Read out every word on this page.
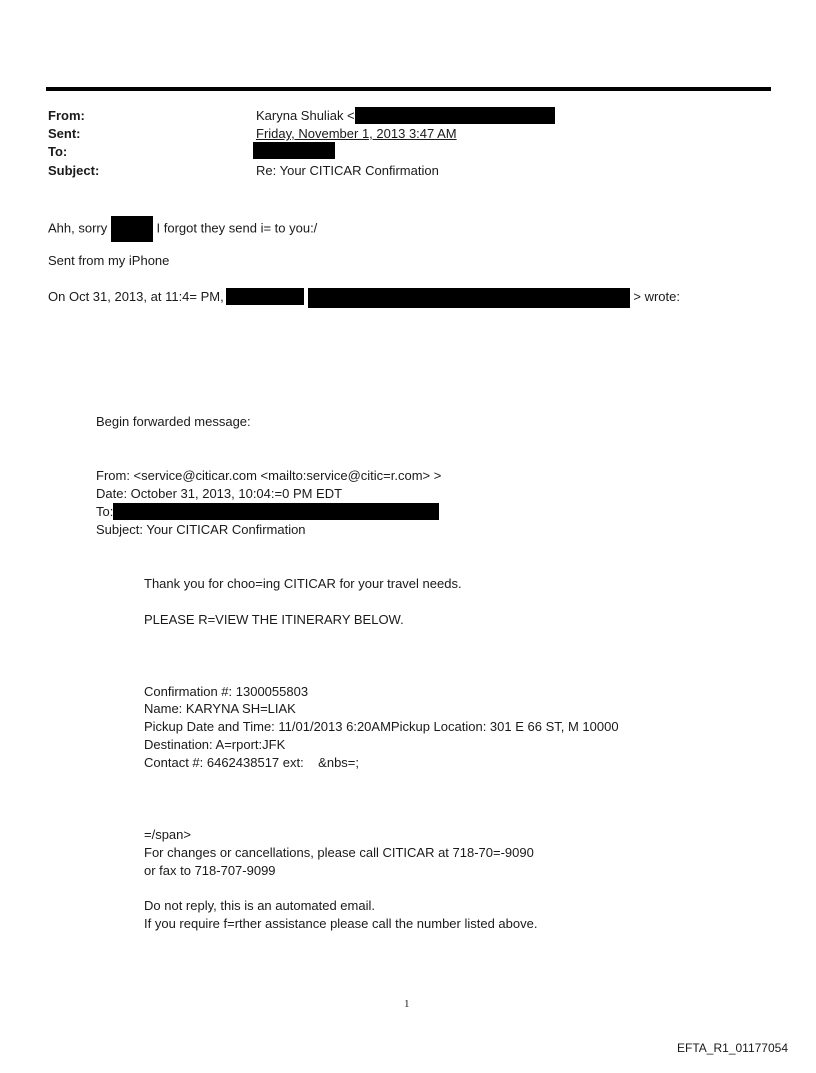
From:	Karyna Shuliak <
Sent:	Friday, November 1, 2013 3:47 AM
To:
Subject:	Re: Your CITICAR Confirmation
Ahh, sorry	I forgot they send i= to you:/
Sent from my iPhone
On Oct 31, 2013, at 11:4= PM,	> wrote:
Begin forwarded message:
From: <service@citicar.com <mailto:service@citic=r.com> >
Date: October 31, 2013, 10:04:=0 PM EDT
To:
Subject: Your CITICAR Confirmation
Thank you for choo=ing CITICAR for your travel needs.
PLEASE R=VIEW THE ITINERARY BELOW.
Confirmation #: 1300055803
Name: KARYNA SH=LIAK
Pickup Date and Time: 11/01/2013 6:20AMPickup Location: 301 E 66 ST, M 10000
Destination: A=rport:JFK
Contact #: 6462438517 ext:    &nbs=;
=/span>
For changes or cancellations, please call CITICAR at 718-70=-9090
or fax to 718-707-9099
Do not reply, this is an automated email.
If you require f=rther assistance please call the number listed above.
1
EFTA_R1_01177054
